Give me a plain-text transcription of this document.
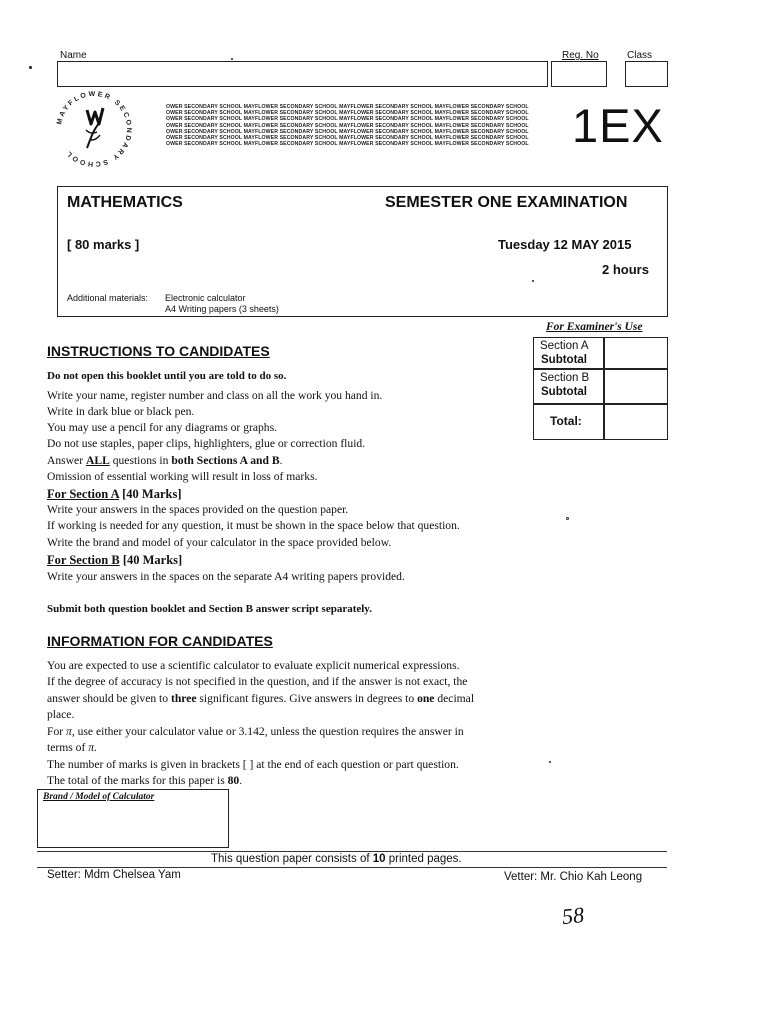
Name	Reg. No	Class
MAYFLOWER SECONDARY SCHOOL
OWER SECONDARY SCHOOL MAYFLOWER SECONDARY SCHOOL MAYFLOWER SECONDARY SCHOOL MAYFLOWER SECONDARY SCHOOL
OWER SECONDARY SCHOOL MAYFLOWER SECONDARY SCHOOL MAYFLOWER SECONDARY SCHOOL MAYFLOWER SECONDARY SCHOOL
OWER SECONDARY SCHOOL MAYFLOWER SECONDARY SCHOOL MAYFLOWER SECONDARY SCHOOL MAYFLOWER SECONDARY SCHOOL
OWER SECONDARY SCHOOL MAYFLOWER SECONDARY SCHOOL MAYFLOWER SECONDARY SCHOOL MAYFLOWER SECONDARY SCHOOL
OWER SECONDARY SCHOOL MAYFLOWER SECONDARY SCHOOL MAYFLOWER SECONDARY SCHOOL MAYFLOWER SECONDARY SCHOOL
OWER SECONDARY SCHOOL MAYFLOWER SECONDARY SCHOOL MAYFLOWER SECONDARY SCHOOL MAYFLOWER SECONDARY SCHOOL
OWER SECONDARY SCHOOL MAYFLOWER SECONDARY SCHOOL MAYFLOWER SECONDARY SCHOOL MAYFLOWER SECONDARY SCHOOL 1EX
MATHEMATICS	SEMESTER ONE EXAMINATION
[ 80 marks ]	Tuesday 12 MAY 2015
2 hours
Additional materials: Electronic calculator
A4 Writing papers (3 sheets)
For Examiner's Use
Section A
Subtotal
Section B
Subtotal
Total:
INSTRUCTIONS TO CANDIDATES
Do not open this booklet until you are told to do so.
Write your name, register number and class on all the work you hand in.
Write in dark blue or black pen.
You may use a pencil for any diagrams or graphs.
Do not use staples, paper clips, highlighters, glue or correction fluid.
Answer ALL questions in both Sections A and B.
Omission of essential working will result in loss of marks.
For Section A [40 Marks]
Write your answers in the spaces provided on the question paper.
If working is needed for any question, it must be shown in the space below that question.
Write the brand and model of your calculator in the space provided below.
For Section B [40 Marks]
Write your answers in the spaces on the separate A4 writing papers provided.
Submit both question booklet and Section B answer script separately.
INFORMATION FOR CANDIDATES
You are expected to use a scientific calculator to evaluate explicit numerical expressions.
If the degree of accuracy is not specified in the question, and if the answer is not exact, the
answer should be given to three significant figures. Give answers in degrees to one decimal
place.
For π, use either your calculator value or 3.142, unless the question requires the answer in
terms of π.
The number of marks is given in brackets [ ] at the end of each question or part question.
The total of the marks for this paper is 80.
Brand / Model of Calculator
This question paper consists of 10 printed pages.
Setter: Mdm Chelsea Yam	Vetter: Mr. Chio Kah Leong
58
